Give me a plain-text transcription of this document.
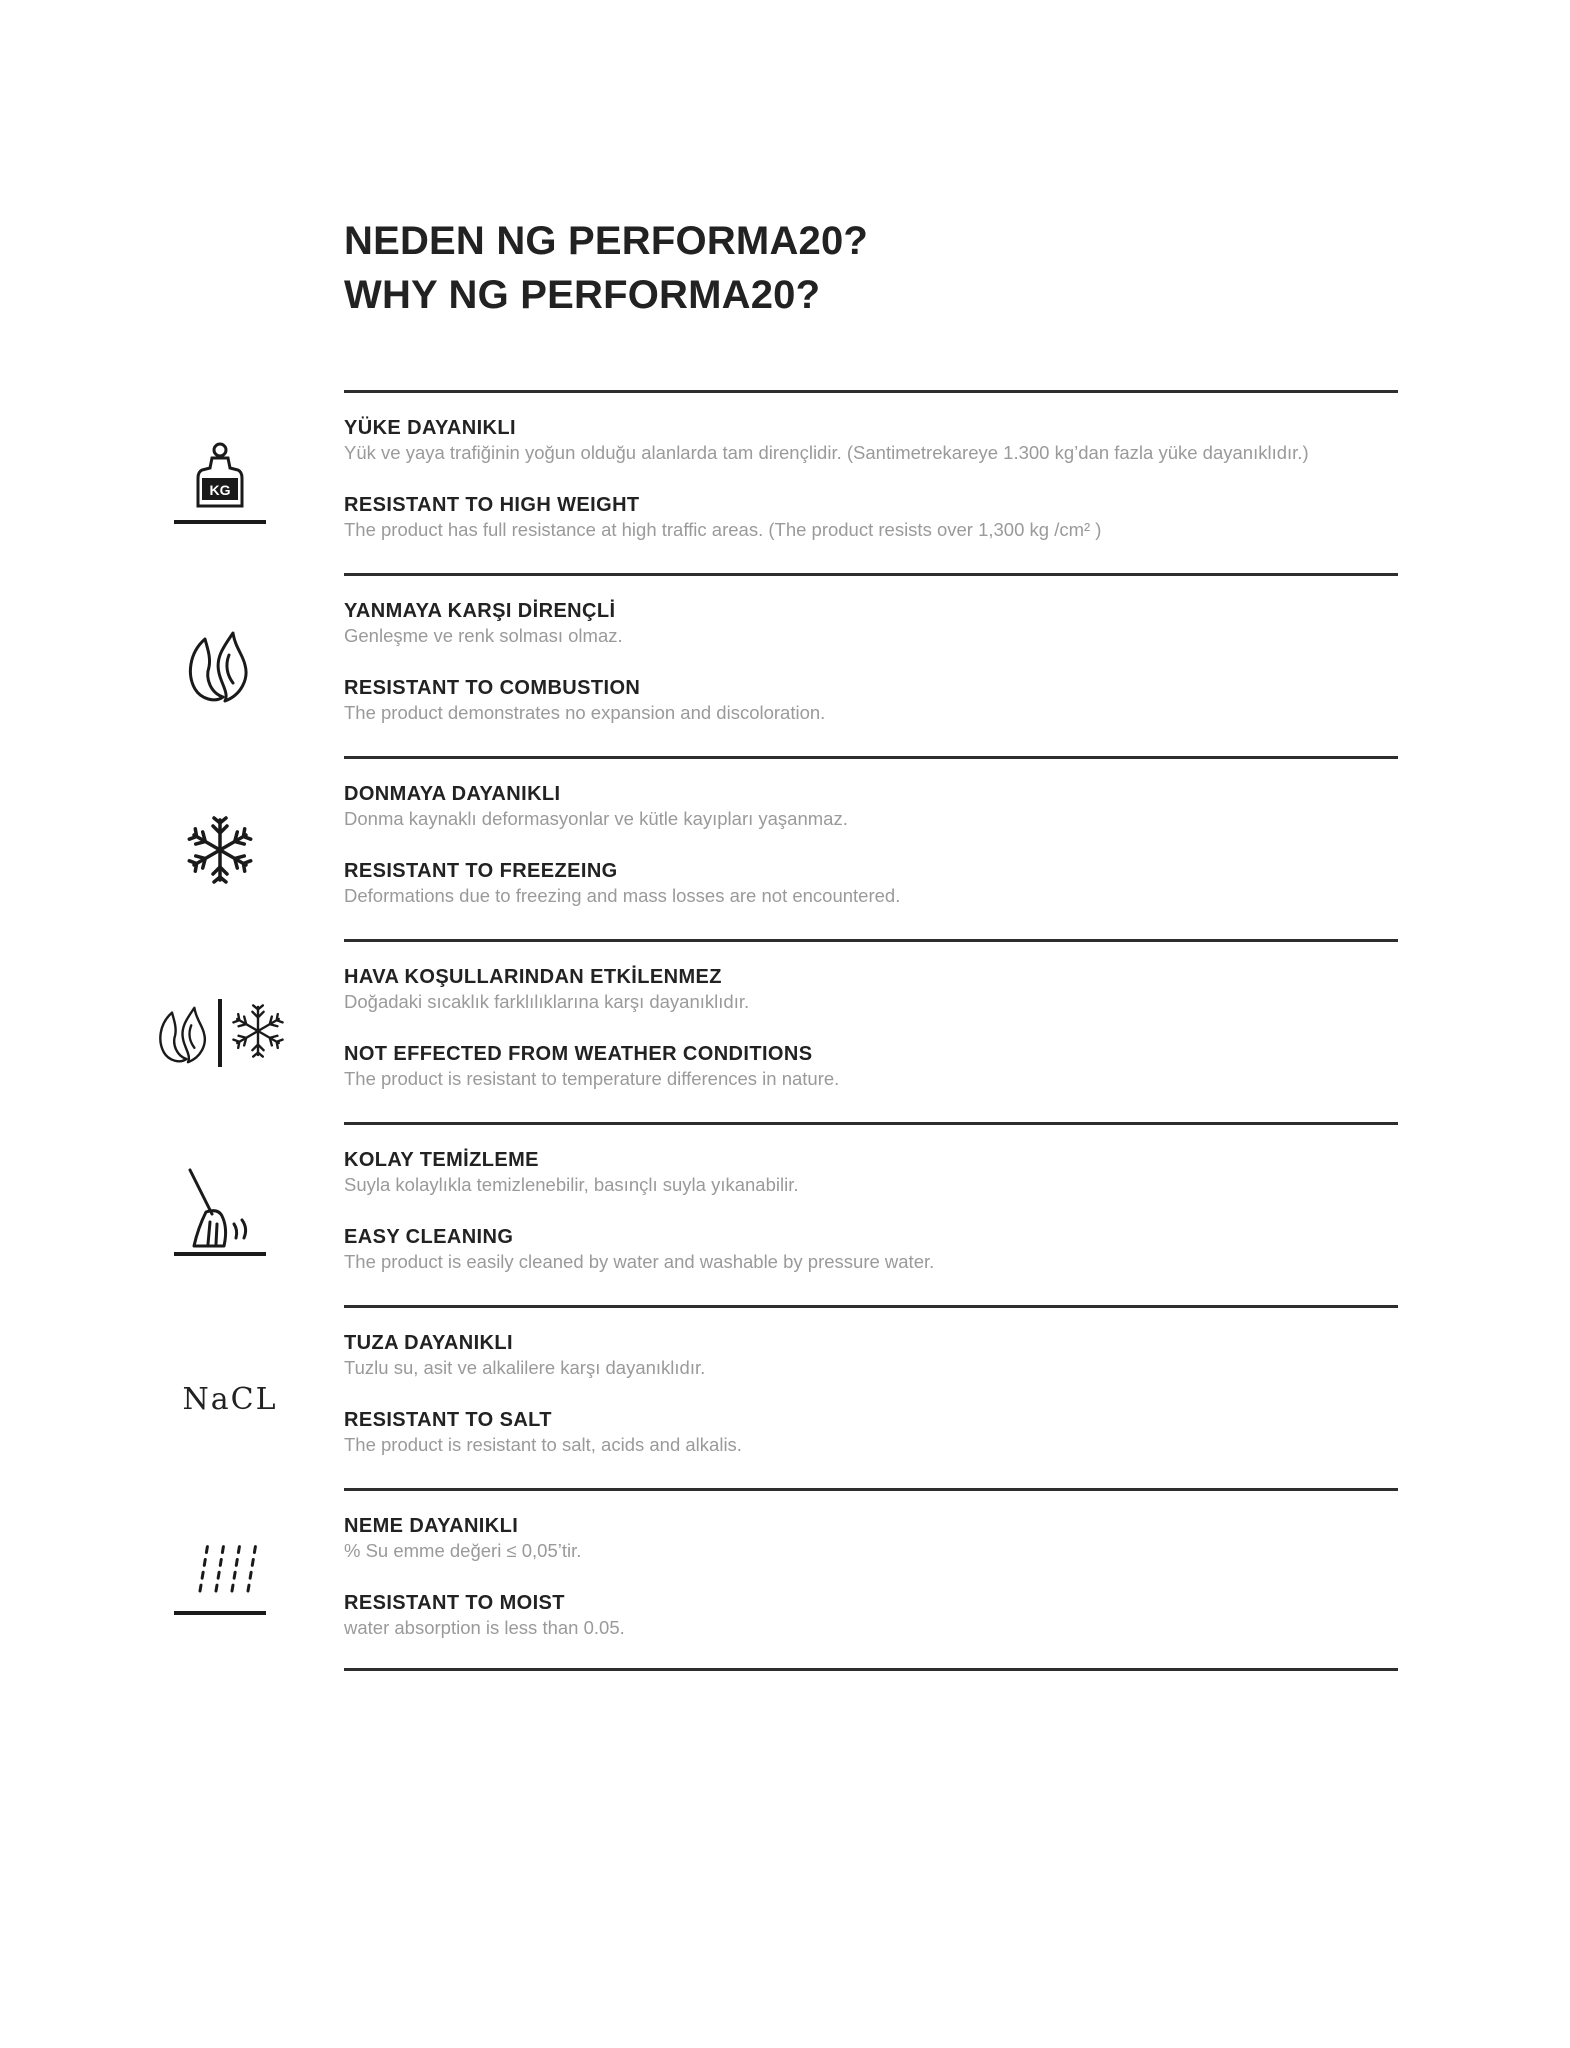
NEDEN NG PERFORMA20?
WHY NG PERFORMA20?
KG
YÜKE DAYANIKLI
Yük ve yaya trafiğinin yoğun olduğu alanlarda tam dirençlidir. (Santimetrekareye 1.300 kg’dan fazla yüke dayanıklıdır.)
RESISTANT TO HIGH WEIGHT
The product has full resistance at high traffic areas. (The product resists over 1,300 kg /cm² )
YANMAYA KARŞI DİRENÇLİ
Genleşme ve renk solması olmaz.
RESISTANT TO COMBUSTION
The product demonstrates no expansion and discoloration.
DONMAYA DAYANIKLI
Donma kaynaklı deformasyonlar ve kütle kayıpları yaşanmaz.
RESISTANT TO FREEZEING
Deformations due to freezing and mass losses are not encountered.
HAVA KOŞULLARINDAN ETKİLENMEZ
Doğadaki sıcaklık farklılıklarına karşı dayanıklıdır.
NOT EFFECTED FROM WEATHER CONDITIONS
The product is resistant to temperature differences in nature.
KOLAY TEMİZLEME
Suyla kolaylıkla temizlenebilir, basınçlı suyla yıkanabilir.
EASY CLEANING
The product is easily cleaned by water and washable by pressure water.
NaCL
TUZA DAYANIKLI
Tuzlu su, asit ve alkalilere karşı dayanıklıdır.
RESISTANT TO SALT
The product is resistant to salt, acids and alkalis.
NEME DAYANIKLI
% Su emme değeri ≤ 0,05’tir.
RESISTANT TO MOIST
water absorption is less than 0.05.
